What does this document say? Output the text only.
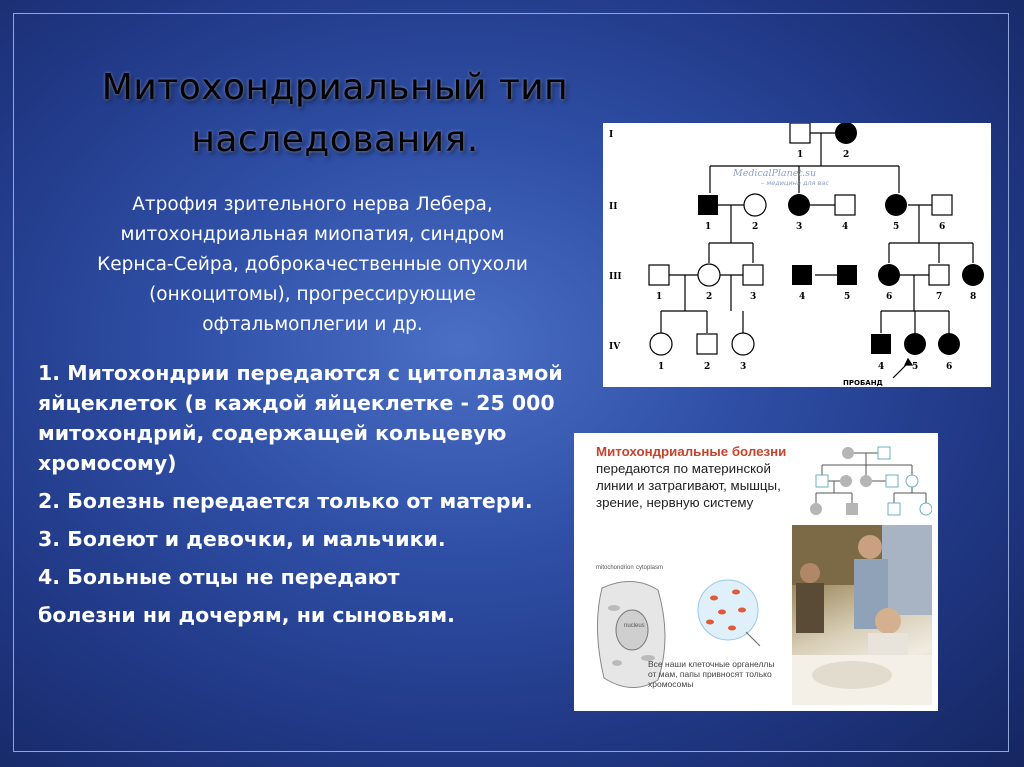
Митохондриальный тип
наследования.
Атрофия зрительного нерва Лебера,
митохондриальная миопатия, синдром
Кернса-Сейра, доброкачественные опухоли
(онкоцитомы), прогрессирующие
офтальмоплегии и др.

1. Митохондрии передаются с цитоплазмой яйцеклеток (в каждой яйцеклетке - 25 000 митохондрий, содержащей кольцевую хромосому)

2. Болезнь передается только от матери.

3. Болеют и девочки, и мальчики.

4. Больные отцы не передают

болезни ни дочерям, ни сыновьям.

I
II
III
IV
1	2
1	2	3	4	5	6
1	2	3	4	5	6	7	8
1	2	3	4	5	6
MedicalPlanet.su
– медицина для вас
ПРОБАНД
Митохондриальные болезни передаются по материнской линии и затрагивают, мышцы, зрение, нервную систему
mitochondrion cytoplasm
nucleus
Все наши клеточные органеллы от мам, папы привносят только хромосомы
